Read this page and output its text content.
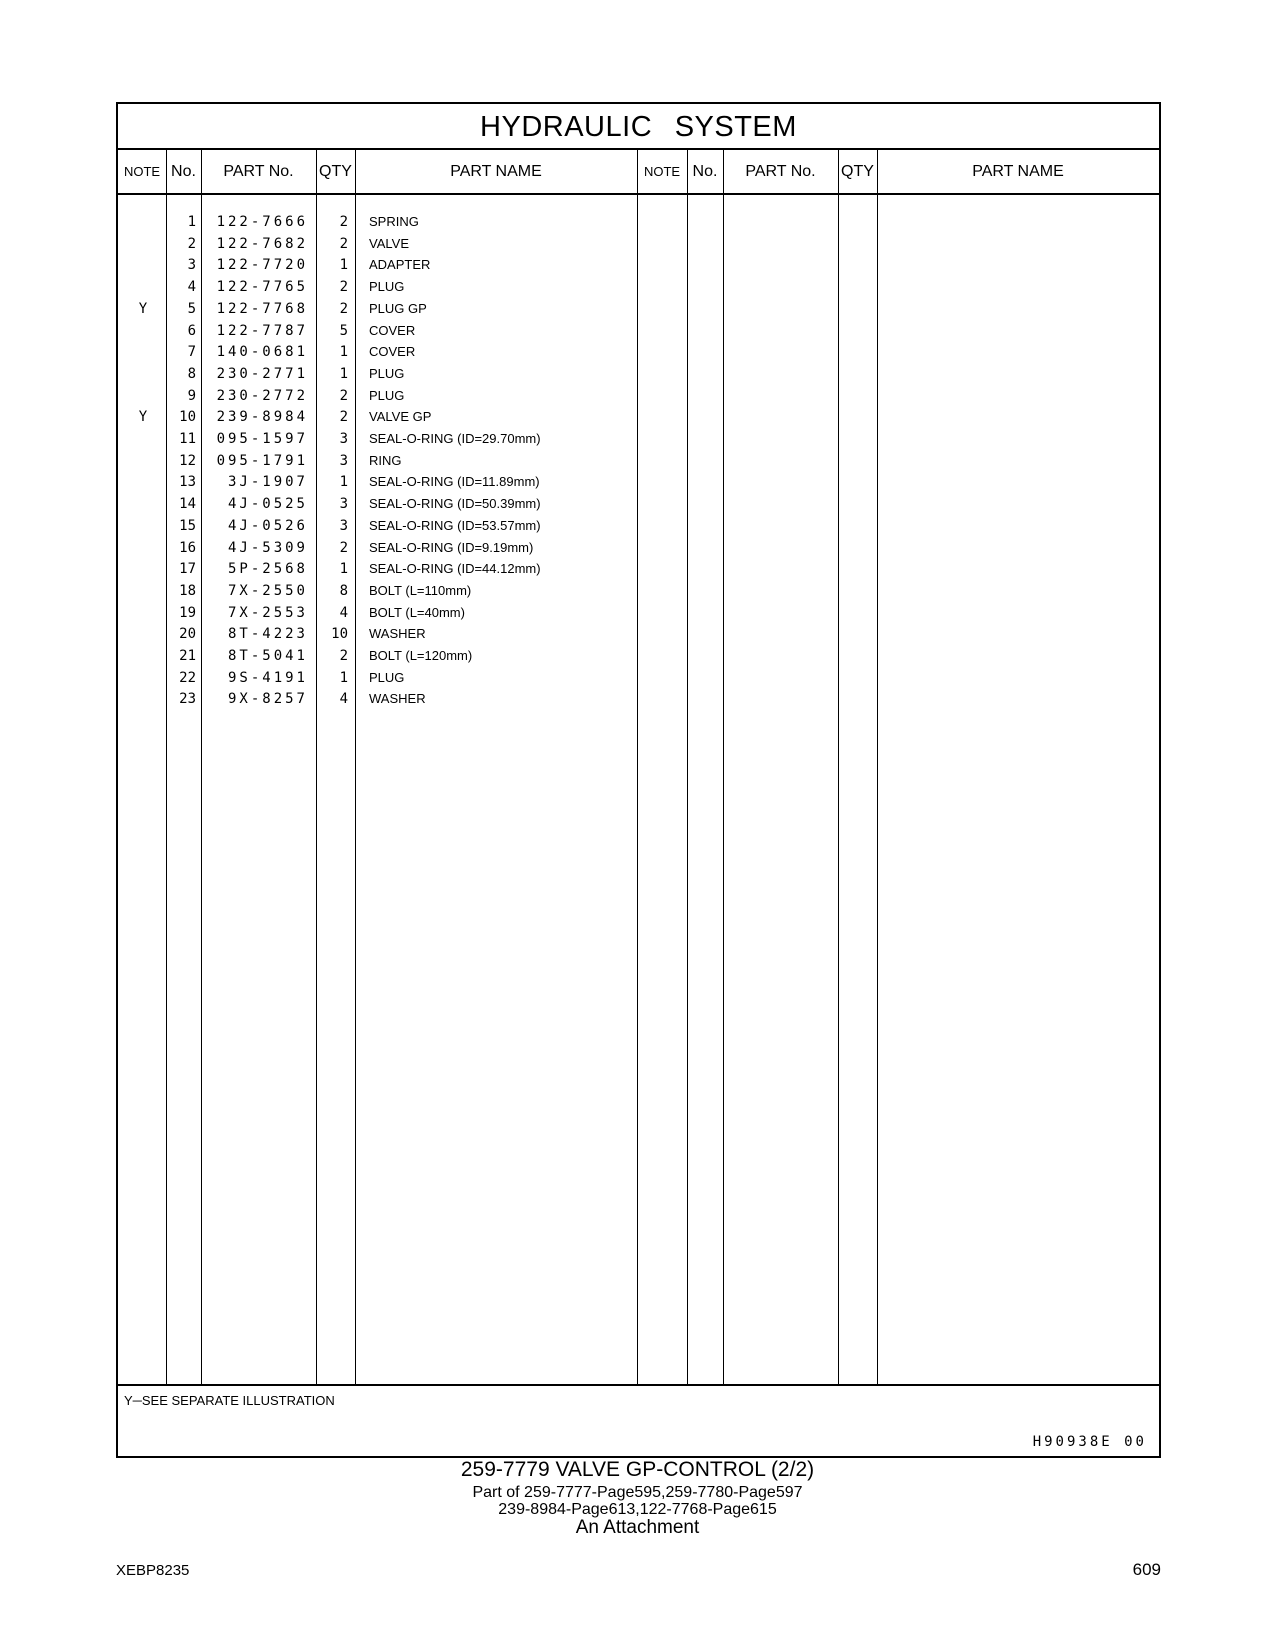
HYDRAULIC SYSTEM
NOTE No.	PART No.	QTY	PART NAME	NOTE No.	PART No.	QTY	PART NAME
1	122-7666	2 SPRING
2	122-7682	2 VALVE
3	122-7720	1 ADAPTER
4	122-7765	2 PLUG
Y	5	122-7768	2 PLUG GP
6	122-7787	5 COVER
7	140-0681	1 COVER
8	230-2771	1 PLUG
9	230-2772	2 PLUG
Y	10	239-8984	2 VALVE GP
11	095-1597	3 SEAL-O-RING (ID=29.70mm)
12	095-1791	3 RING
13	3J-1907	1 SEAL-O-RING (ID=11.89mm)
14	4J-0525	3 SEAL-O-RING (ID=50.39mm)
15	4J-0526	3 SEAL-O-RING (ID=53.57mm)
16	4J-5309	2 SEAL-O-RING (ID=9.19mm)
17	5P-2568	1 SEAL-O-RING (ID=44.12mm)
18	7X-2550	8 BOLT (L=110mm)
19	7X-2553	4 BOLT (L=40mm)
20	8T-4223	10 WASHER
21	8T-5041	2 BOLT (L=120mm)
22	9S-4191	1 PLUG
23	9X-8257	4 WASHER
Y─SEE SEPARATE ILLUSTRATION
H90938E 00
259-7779 VALVE GP-CONTROL (2/2)
Part of 259-7777-Page595,259-7780-Page597
239-8984-Page613,122-7768-Page615
An Attachment
XEBP8235	609
